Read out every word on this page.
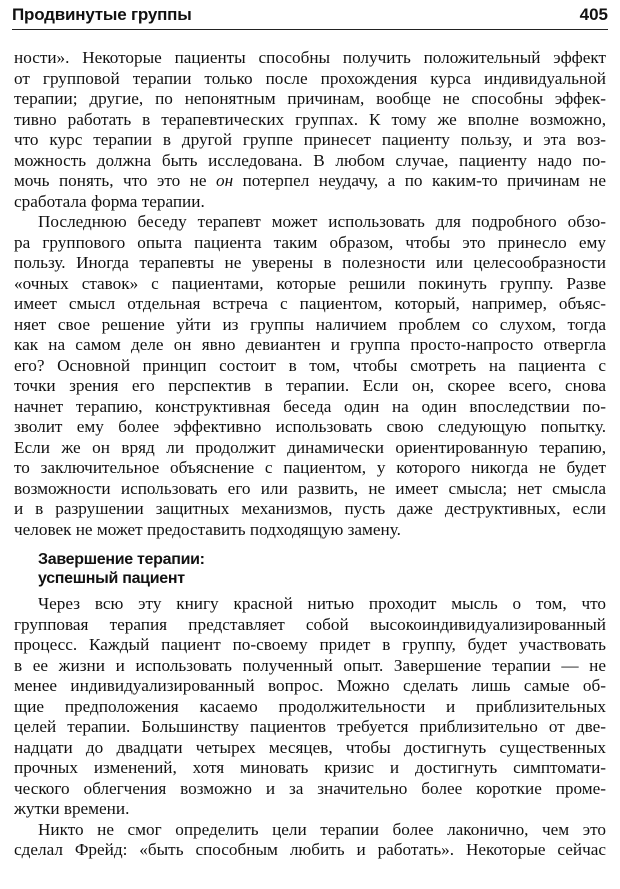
Продвинутые группы	405
ности». Некоторые пациенты способны получить положительный эффект
от групповой терапии только после прохождения курса индивидуальной
терапии; другие, по непонятным причинам, вообще не способны эффек-
тивно работать в терапевтических группах. К тому же вполне возможно,
что курс терапии в другой группе принесет пациенту пользу, и эта воз-
можность должна быть исследована. В любом случае, пациенту надо по-
мочь понять, что это не он потерпел неудачу, а по каким-то причинам не
сработала форма терапии.
Последнюю беседу терапевт может использовать для подробного обзо-
ра группового опыта пациента таким образом, чтобы это принесло ему
пользу. Иногда терапевты не уверены в полезности или целесообразности
«очных ставок» с пациентами, которые решили покинуть группу. Разве
имеет смысл отдельная встреча с пациентом, который, например, объяс-
няет свое решение уйти из группы наличием проблем со слухом, тогда
как на самом деле он явно девиантен и группа просто-напросто отвергла
его? Основной принцип состоит в том, чтобы смотреть на пациента с
точки зрения его перспектив в терапии. Если он, скорее всего, снова
начнет терапию, конструктивная беседа один на один впоследствии по-
зволит ему более эффективно использовать свою следующую попытку.
Если же он вряд ли продолжит динамически ориентированную терапию,
то заключительное объяснение с пациентом, у которого никогда не будет
возможности использовать его или развить, не имеет смысла; нет смысла
и в разрушении защитных механизмов, пусть даже деструктивных, если
человек не может предоставить подходящую замену.
Завершение терапии:
успешный пациент
Через всю эту книгу красной нитью проходит мысль о том, что
групповая терапия представляет собой высокоиндивидуализированный
процесс. Каждый пациент по-своему придет в группу, будет участвовать
в ее жизни и использовать полученный опыт. Завершение терапии — не
менее индивидуализированный вопрос. Можно сделать лишь самые об-
щие предположения касаемо продолжительности и приблизительных
целей терапии. Большинству пациентов требуется приблизительно от две-
надцати до двадцати четырех месяцев, чтобы достигнуть существенных
прочных изменений, хотя миновать кризис и достигнуть симптомати-
ческого облегчения возможно и за значительно более короткие проме-
жутки времени.
Никто не смог определить цели терапии более лаконично, чем это
сделал Фрейд: «быть способным любить и работать». Некоторые сейчас
